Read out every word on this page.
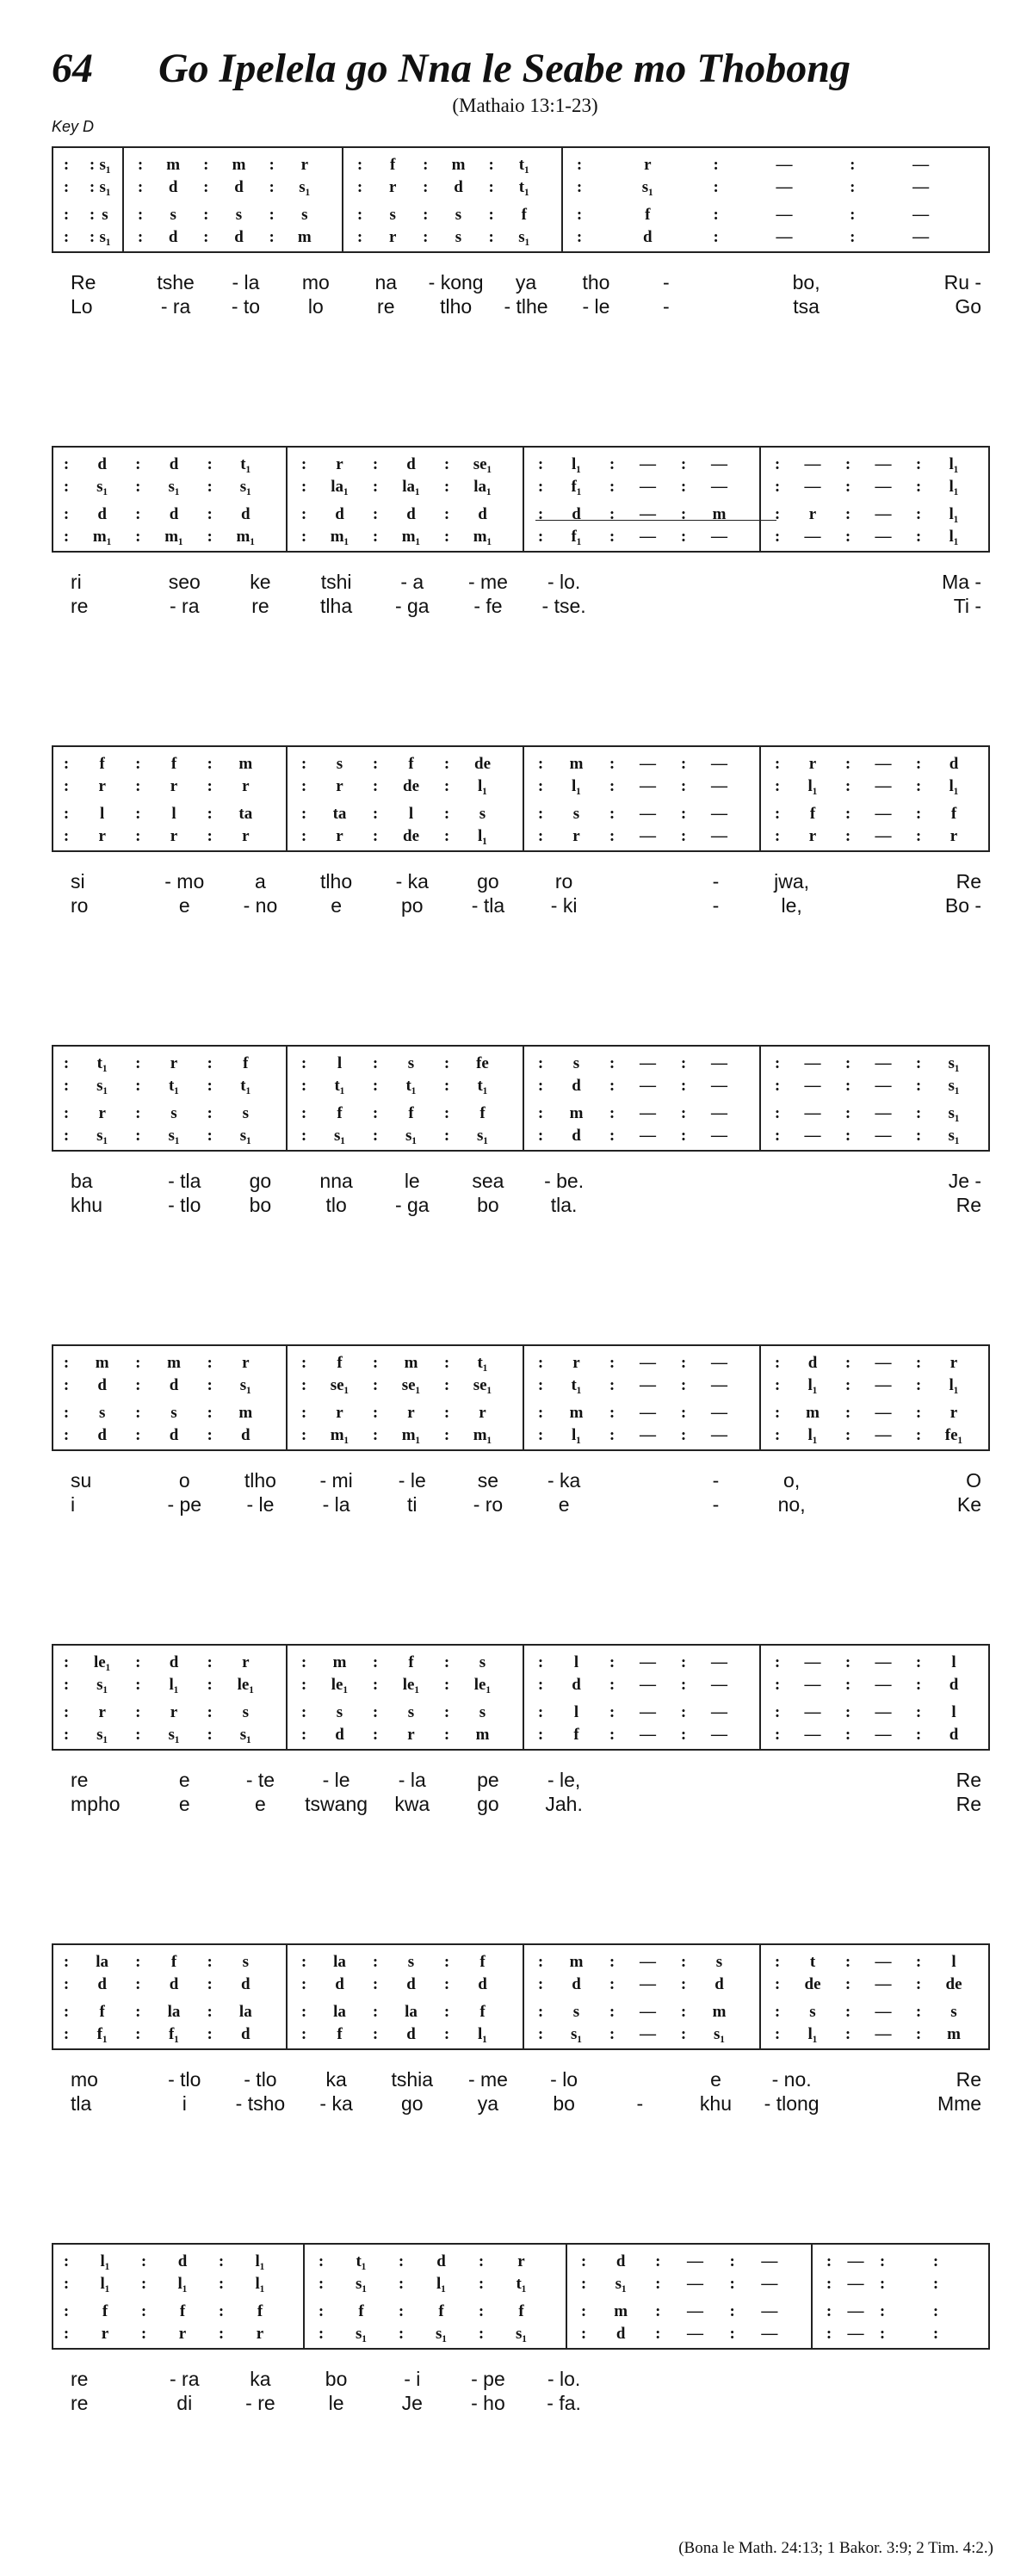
64 Go Ipelela go Nna le Seabe mo Thobong
(Mathaio 13:1-23)
Key D
: : s₁ :	m	:	m	:	r	:	f	:	m	:	t₁	:	r	:	—	:	—
: : s₁ :	d	:	d	:	s₁	:	r	:	d	:	t₁	:	s₁	:	—	:	—
: : s :	s	:	s	:	s	:	s	:	s	:	f	:	f	:	—	:	—
: : s₁ :	d	:	d	:	m	:	r	:	s	:	s₁	:	d	:	—	:	—
Re	tshe	- la	mo	na	- kong	ya	tho	-	bo,	Ru -
Lo	- ra	- to	lo	re	tlho	- tlhe	- le	-	tsa	Go
:	d	:	d	:	t₁	:	r	:	d	:	se₁	:	l₁	:	—	:	—	:	—	:	—	:	l₁
:	s₁	:	s₁	:	s₁	:	la₁	:	la₁	:	la₁	:	f₁	:	—	:	—	:	—	:	—	:	l₁
:	d	:	d	:	d	:	d	:	d	:	d	:	d	:	—	:	m	:	r	:	—	:	l₁
:	m₁	:	m₁	:	m₁	:	m₁	:	m₁	:	m₁	:	f₁	:	—	:	—	:	—	:	—	:	l₁
ri	seo	ke	tshi	- a	- me	- lo.	Ma -
re	- ra	re	tlha	- ga	- fe	- tse.	Ti -
:	f	:	f	:	m	:	s	:	f	:	de	:	m	:	—	:	—	:	r	:	—	:	d
:	r	:	r	:	r	:	r	:	de	:	l₁	:	l₁	:	—	:	—	:	l₁	:	—	:	l₁
:	l	:	l	:	ta	:	ta	:	l	:	s	:	s	:	—	:	—	:	f	:	—	:	f
:	r	:	r	:	r	:	r	:	de	:	l₁	:	r	:	—	:	—	:	r	:	—	:	r
si	- mo	a	tlho	- ka	go	ro	-	jwa,	Re
ro	e	- no	e	po	- tla	- ki	-	le,	Bo -
:	t₁	:	r	:	f	:	l	:	s	:	fe	:	s	:	—	:	—	:	—	:	—	:	s₁
:	s₁	:	t₁	:	t₁	:	t₁	:	t₁	:	t₁	:	d	:	—	:	—	:	—	:	—	:	s₁
:	r	:	s	:	s	:	f	:	f	:	f	:	m	:	—	:	—	:	—	:	—	:	s₁
:	s₁	:	s₁	:	s₁	:	s₁	:	s₁	:	s₁	:	d	:	—	:	—	:	—	:	—	:	s₁
ba	- tla	go	nna	le	sea	- be.	Je -
khu	- tlo	bo	tlo	- ga	bo	tla.	Re
:	m	:	m	:	r	:	f	:	m	:	t₁	:	r	:	—	:	—	:	d	:	—	:	r
:	d	:	d	:	s₁	:	se₁	:	se₁	:	se₁	:	t₁	:	—	:	—	:	l₁	:	—	:	l₁
:	s	:	s	:	m	:	r	:	r	:	r	:	m	:	—	:	—	:	m	:	—	:	r
:	d	:	d	:	d	:	m₁	:	m₁	:	m₁	:	l₁	:	—	:	—	:	l₁	:	—	:	fe₁
su	o	tlho	- mi	- le	se	- ka	-	o,	O
i	- pe	- le	- la	ti	- ro	e	-	no,	Ke
:	le₁	:	d	:	r	:	m	:	f	:	s	:	l	:	—	:	—	:	—	:	—	:	l
:	s₁	:	l₁	:	le₁	:	le₁	:	le₁	:	le₁	:	d	:	—	:	—	:	—	:	—	:	d
:	r	:	r	:	s	:	s	:	s	:	s	:	l	:	—	:	—	:	—	:	—	:	l
:	s₁	:	s₁	:	s₁	:	d	:	r	:	m	:	f	:	—	:	—	:	—	:	—	:	d
re	e	- te	- le	- la	pe	- le,	Re
mpho	e	e	tswang	kwa	go	Jah.	Re
:	la	:	f	:	s	:	la	:	s	:	f	:	m	:	—	:	s	:	t	:	—	:	l
:	d	:	d	:	d	:	d	:	d	:	d	:	d	:	—	:	d	:	de	:	—	:	de
:	f	:	la	:	la	:	la	:	la	:	f	:	s	:	—	:	m	:	s	:	—	:	s
:	f₁	:	f₁	:	d	:	f	:	d	:	l₁	:	s₁	:	—	:	s₁	:	l₁	:	—	:	m
mo	- tlo	- tlo	ka	tshia	- me	- lo	e	- no.	Re
tla	i	- tsho	- ka	go	ya	bo	-	khu	- tlong	Mme
:	l₁	:	d	:	l₁	:	t₁	:	d	:	r	:	d	:	—	:	—	: — :	:
:	l₁	:	l₁	:	l₁	:	s₁	:	l₁	:	t₁	:	s₁	:	—	:	—	: — :	:
:	f	:	f	:	f	:	f	:	f	:	f	:	m	:	—	:	—	: — :	:
:	r	:	r	:	r	:	s₁	:	s₁	:	s₁	:	d	:	—	:	—	: — :	:
re	- ra	ka	bo	- i	- pe	- lo.
re	di	- re	le	Je	- ho	- fa.
(Bona le Math. 24:13; 1 Bakor. 3:9; 2 Tim. 4:2.)
